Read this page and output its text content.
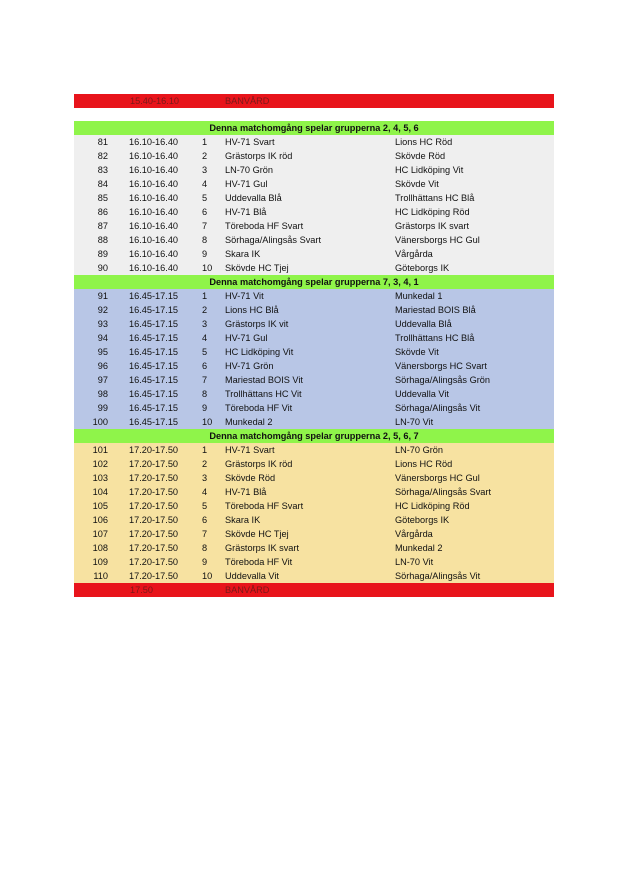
15.40-16.10	BANVÅRD
Denna matchomgång spelar grupperna 2, 4, 5, 6
81 16.10-16.40	1 HV-71 Svart	Lions HC Röd
82 16.10-16.40	2 Grästorps IK röd	Skövde Röd
83 16.10-16.40	3 LN-70 Grön	HC Lidköping Vit
84 16.10-16.40	4 HV-71 Gul	Skövde Vit
85 16.10-16.40	5 Uddevalla Blå	Trollhättans HC Blå
86 16.10-16.40	6 HV-71 Blå	HC Lidköping Röd
87 16.10-16.40	7 Töreboda HF Svart	Grästorps IK svart
88 16.10-16.40	8 Sörhaga/Alingsås Svart	Vänersborgs HC Gul
89 16.10-16.40	9 Skara IK	Vårgårda
90 16.10-16.40	10 Skövde HC Tjej	Göteborgs IK
Denna matchomgång spelar grupperna 7, 3, 4, 1
91 16.45-17.15	1 HV-71 Vit	Munkedal 1
92 16.45-17.15	2 Lions HC Blå	Mariestad BOIS Blå
93 16.45-17.15	3 Grästorps IK vit	Uddevalla Blå
94 16.45-17.15	4 HV-71 Gul	Trollhättans HC Blå
95 16.45-17.15	5 HC Lidköping Vit	Skövde Vit
96 16.45-17.15	6 HV-71 Grön	Vänersborgs HC Svart
97 16.45-17.15	7 Mariestad BOIS Vit	Sörhaga/Alingsås Grön
98 16.45-17.15	8 Trollhättans HC Vit	Uddevalla Vit
99 16.45-17.15	9 Töreboda HF Vit	Sörhaga/Alingsås Vit
100 16.45-17.15	10 Munkedal 2	LN-70 Vit
Denna matchomgång spelar grupperna 2, 5, 6, 7
101 17.20-17.50	1 HV-71 Svart	LN-70 Grön
102 17.20-17.50	2 Grästorps IK röd	Lions HC Röd
103 17.20-17.50	3 Skövde Röd	Vänersborgs HC Gul
104 17.20-17.50	4 HV-71 Blå	Sörhaga/Alingsås Svart
105 17.20-17.50	5 Töreboda HF Svart	HC Lidköping Röd
106 17.20-17.50	6 Skara IK	Göteborgs IK
107 17.20-17.50	7 Skövde HC Tjej	Vårgårda
108 17.20-17.50	8 Grästorps IK svart	Munkedal 2
109 17.20-17.50	9 Töreboda HF Vit	LN-70 Vit
110 17.20-17.50	10 Uddevalla Vit	Sörhaga/Alingsås Vit
17.50	BANVÅRD
